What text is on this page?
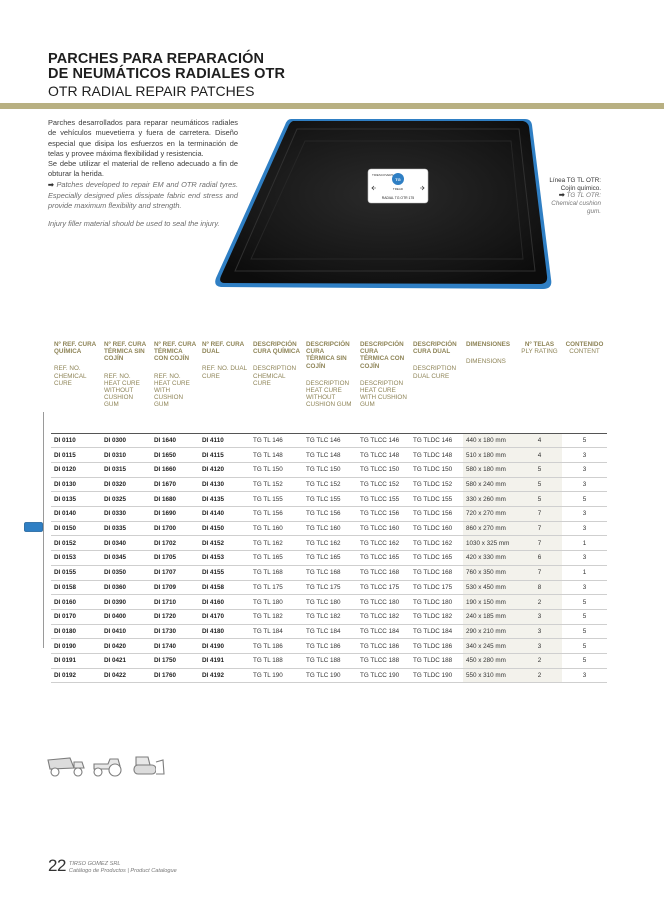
PARCHES PARA REPARACIÓN
DE NEUMÁTICOS RADIALES OTR
OTR RADIAL REPAIR PATCHES

Parches desarrollados para reparar neumáticos radiales de vehículos muevetierra y fuera de carretera. Diseño especial que disipa los esfuerzos en la terminación de telas y provee máxima flexibilidad y resistencia.

Se debe utilizar el material de relleno adecuado a fin de obturar la herida.

➡ Patches developed to repair EM and OTR radial tyres. Especially designed plies dissipate fabric end stress and provide maximum flexibility and strength.

Injury filler material should be used to seal the injury.

TIRESCOVERS
TG
TREAD
RADIAL TG OTR 175
Línea TG TL OTR:
Cojín químico.
➡ TG TL OTR:
Chemical cushion gum.
Nº REF. CURA QUÍMICA
REF. NO. CHEMICAL CURE	Nº REF. CURA TÉRMICA SIN COJÍN
REF. NO. HEAT CURE WITHOUT CUSHION GUM	Nº REF. CURA TÉRMICA CON COJÍN
REF. NO. HEAT CURE WITH CUSHION GUM	Nº REF. CURA DUAL
REF. NO. DUAL CURE	DESCRIPCIÓN CURA QUÍMICA
DESCRIPTION CHEMICAL CURE	DESCRIPCIÓN CURA TÉRMICA SIN COJÍN
DESCRIPTION HEAT CURE WITHOUT CUSHION GUM	DESCRIPCIÓN CURA TÉRMICA CON COJÍN
DESCRIPTION HEAT CURE WITH CUSHION GUM	DESCRIPCIÓN CURA DUAL
DESCRIPTION DUAL CURE	DIMENSIONES
DIMENSIONS	Nº TELAS
PLY RATING	CONTENIDO
CONTENT

DI 0110	DI 0300	DI 1640	DI 4110	TG TL 146	TG TLC 146	TG TLCC 146	TG TLDC 146	440 x 180 mm	4	5
DI 0115	DI 0310	DI 1650	DI 4115	TG TL 148	TG TLC 148	TG TLCC 148	TG TLDC 148	510 x 180 mm	4	3
DI 0120	DI 0315	DI 1660	DI 4120	TG TL 150	TG TLC 150	TG TLCC 150	TG TLDC 150	580 x 180 mm	5	3
DI 0130	DI 0320	DI 1670	DI 4130	TG TL 152	TG TLC 152	TG TLCC 152	TG TLDC 152	580 x 240 mm	5	3
DI 0135	DI 0325	DI 1680	DI 4135	TG TL 155	TG TLC 155	TG TLCC 155	TG TLDC 155	330 x 260 mm	5	5
DI 0140	DI 0330	DI 1690	DI 4140	TG TL 156	TG TLC 156	TG TLCC 156	TG TLDC 156	720 x 270 mm	7	3
DI 0150	DI 0335	DI 1700	DI 4150	TG TL 160	TG TLC 160	TG TLCC 160	TG TLDC 160	860 x 270 mm	7	3
DI 0152	DI 0340	DI 1702	DI 4152	TG TL 162	TG TLC 162	TG TLCC 162	TG TLDC 162	1030 x 325 mm	7	1
DI 0153	DI 0345	DI 1705	DI 4153	TG TL 165	TG TLC 165	TG TLCC 165	TG TLDC 165	420 x 330 mm	6	3
DI 0155	DI 0350	DI 1707	DI 4155	TG TL 168	TG TLC 168	TG TLCC 168	TG TLDC 168	760 x 350 mm	7	1
DI 0158	DI 0360	DI 1709	DI 4158	TG TL 175	TG TLC 175	TG TLCC 175	TG TLDC 175	530 x 450 mm	8	3
DI 0160	DI 0390	DI 1710	DI 4160	TG TL 180	TG TLC 180	TG TLCC 180	TG TLDC 180	190 x 150 mm	2	5
DI 0170	DI 0400	DI 1720	DI 4170	TG TL 182	TG TLC 182	TG TLCC 182	TG TLDC 182	240 x 185 mm	3	5
DI 0180	DI 0410	DI 1730	DI 4180	TG TL 184	TG TLC 184	TG TLCC 184	TG TLDC 184	290 x 210 mm	3	5
DI 0190	DI 0420	DI 1740	DI 4190	TG TL 186	TG TLC 186	TG TLCC 186	TG TLDC 186	340 x 245 mm	3	5
DI 0191	DI 0421	DI 1750	DI 4191	TG TL 188	TG TLC 188	TG TLCC 188	TG TLDC 188	450 x 280 mm	2	5
DI 0192	DI 0422	DI 1760	DI 4192	TG TL 190	TG TLC 190	TG TLCC 190	TG TLDC 190	550 x 310 mm	2	3
22 TIRSO GOMEZ SRL
Catálogo de Productos | Product Catalogue
